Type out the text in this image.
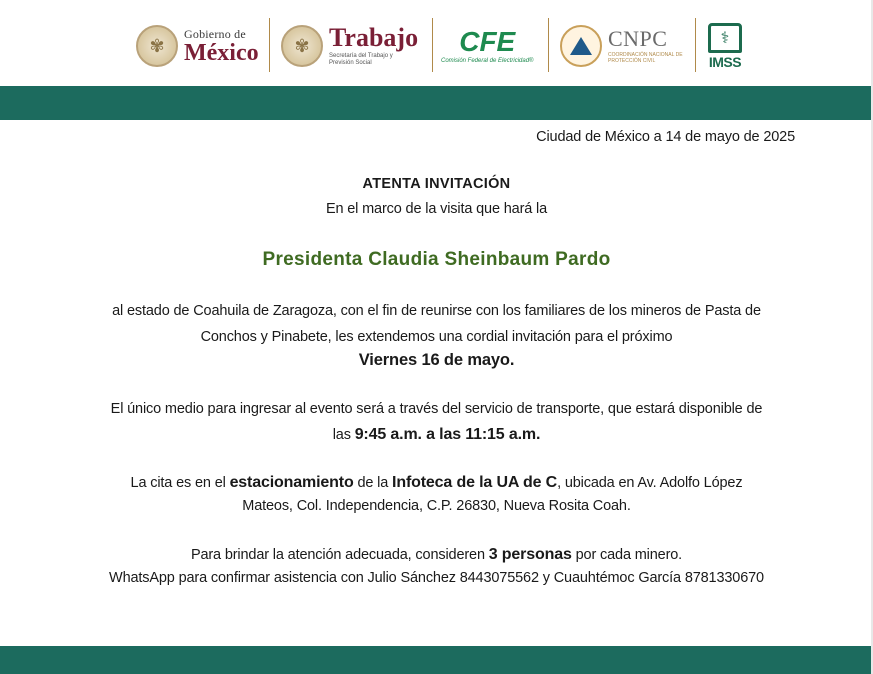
✾
Gobierno de
México	✾ Trabajo
Secretaría del Trabajo y Previsión Social
CFE
Comisión Federal de Electricidad®
CNPC
COORDINACIÓN NACIONAL DE PROTECCIÓN CIVIL
⚕
IMSS
Ciudad de México a 14 de mayo de 2025
ATENTA INVITACIÓN
En el marco de la visita que hará la
Presidenta Claudia Sheinbaum Pardo
al estado de Coahuila de Zaragoza, con el fin de reunirse con los familiares de los mineros de Pasta de
Conchos y Pinabete, les extendemos una cordial invitación para el próximo
Viernes 16 de mayo.
El único medio para ingresar al evento será a través del servicio de transporte, que estará disponible de
las 9:45 a.m. a las 11:15 a.m.
La cita es en el estacionamiento de la Infoteca de la UA de C, ubicada en Av. Adolfo López
Mateos, Col. Independencia, C.P. 26830, Nueva Rosita Coah.
Para brindar la atención adecuada, consideren 3 personas por cada minero.
WhatsApp para confirmar asistencia con Julio Sánchez 8443075562 y Cuauhtémoc García 8781330670
